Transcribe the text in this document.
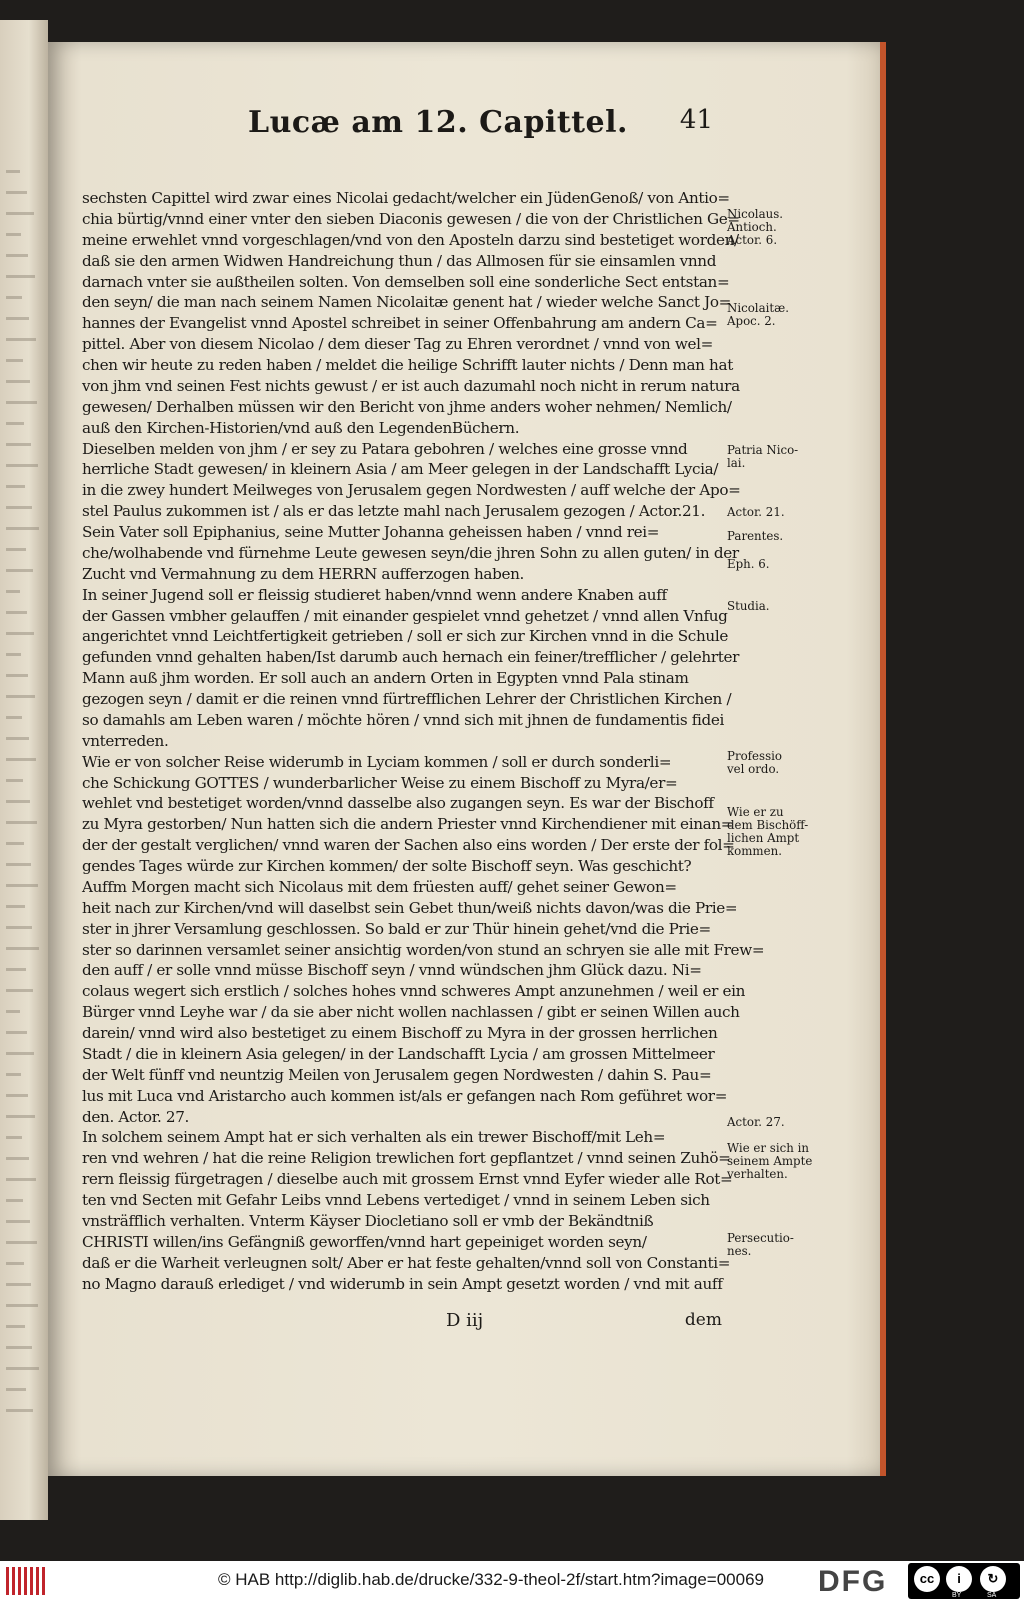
Lucæ am 12. Capittel. 41
sechsten Capittel wird zwar eines Nicolai gedacht/welcher ein JüdenGenoß/ von Antio=
chia bürtig/vnnd einer vnter den sieben Diaconis gewesen / die von der Christlichen Ge=
meine erwehlet vnnd vorgeschlagen/vnd von den Aposteln darzu sind bestetiget worden/
daß sie den armen Widwen Handreichung thun / das Allmosen für sie einsamlen vnnd
darnach vnter sie außtheilen solten. Von demselben soll eine sonderliche Sect entstan=
den seyn/ die man nach seinem Namen Nicolaitæ genent hat / wieder welche Sanct Jo=
hannes der Evangelist vnnd Apostel schreibet in seiner Offenbahrung am andern Ca=
pittel. Aber von diesem Nicolao / dem dieser Tag zu Ehren verordnet / vnnd von wel=
chen wir heute zu reden haben / meldet die heilige Schrifft lauter nichts / Denn man hat
von jhm vnd seinen Fest nichts gewust / er ist auch dazumahl noch nicht in rerum natura
gewesen/ Derhalben müssen wir den Bericht von jhme anders woher nehmen/ Nemlich/
auß den Kirchen-Historien/vnd auß den LegendenBüchern.
Dieselben melden von jhm / er sey zu Patara gebohren / welches eine grosse vnnd
herrliche Stadt gewesen/ in kleinern Asia / am Meer gelegen in der Landschafft Lycia/
in die zwey hundert Meilweges von Jerusalem gegen Nordwesten / auff welche der Apo=
stel Paulus zukommen ist / als er das letzte mahl nach Jerusalem gezogen / Actor.21.
Sein Vater soll Epiphanius, seine Mutter Johanna geheissen haben / vnnd rei=
che/wolhabende vnd fürnehme Leute gewesen seyn/die jhren Sohn zu allen guten/ in der
Zucht vnd Vermahnung zu dem HERRN aufferzogen haben.
In seiner Jugend soll er fleissig studieret haben/vnnd wenn andere Knaben auff
der Gassen vmbher gelauffen / mit einander gespielet vnnd gehetzet / vnnd allen Vnfug
angerichtet vnnd Leichtfertigkeit getrieben / soll er sich zur Kirchen vnnd in die Schule
gefunden vnnd gehalten haben/Ist darumb auch hernach ein feiner/trefflicher / gelehrter
Mann auß jhm worden. Er soll auch an andern Orten in Egypten vnnd Pala stinam
gezogen seyn / damit er die reinen vnnd fürtrefflichen Lehrer der Christlichen Kirchen /
so damahls am Leben waren / möchte hören / vnnd sich mit jhnen de fundamentis fidei
vnterreden.
Wie er von solcher Reise widerumb in Lyciam kommen / soll er durch sonderli=
che Schickung GOTTES / wunderbarlicher Weise zu einem Bischoff zu Myra/er=
wehlet vnd bestetiget worden/vnnd dasselbe also zugangen seyn. Es war der Bischoff
zu Myra gestorben/ Nun hatten sich die andern Priester vnnd Kirchendiener mit einan=
der der gestalt verglichen/ vnnd waren der Sachen also eins worden / Der erste der fol=
gendes Tages würde zur Kirchen kommen/ der solte Bischoff seyn. Was geschicht?
Auffm Morgen macht sich Nicolaus mit dem früesten auff/ gehet seiner Gewon=
heit nach zur Kirchen/vnd will daselbst sein Gebet thun/weiß nichts davon/was die Prie=
ster in jhrer Versamlung geschlossen. So bald er zur Thür hinein gehet/vnd die Prie=
ster so darinnen versamlet seiner ansichtig worden/von stund an schryen sie alle mit Frew=
den auff / er solle vnnd müsse Bischoff seyn / vnnd wündschen jhm Glück dazu. Ni=
colaus wegert sich erstlich / solches hohes vnnd schweres Ampt anzunehmen / weil er ein
Bürger vnnd Leyhe war / da sie aber nicht wollen nachlassen / gibt er seinen Willen auch
darein/ vnnd wird also bestetiget zu einem Bischoff zu Myra in der grossen herrlichen
Stadt / die in kleinern Asia gelegen/ in der Landschafft Lycia / am grossen Mittelmeer
der Welt fünff vnd neuntzig Meilen von Jerusalem gegen Nordwesten / dahin S. Pau=
lus mit Luca vnd Aristarcho auch kommen ist/als er gefangen nach Rom geführet wor=
den. Actor. 27.
In solchem seinem Ampt hat er sich verhalten als ein trewer Bischoff/mit Leh=
ren vnd wehren / hat die reine Religion trewlichen fort gepflantzet / vnnd seinen Zuhö=
rern fleissig fürgetragen / dieselbe auch mit grossem Ernst vnnd Eyfer wieder alle Rot=
ten vnd Secten mit Gefahr Leibs vnnd Lebens vertediget / vnnd in seinem Leben sich
vnsträfflich verhalten. Vnterm Käyser Diocletiano soll er vmb der Bekändtniß
CHRISTI willen/ins Gefängniß geworffen/vnnd hart gepeiniget worden seyn/
daß er die Warheit verleugnen solt/ Aber er hat feste gehalten/vnnd soll von Constanti=
no Magno darauß erlediget / vnd widerumb in sein Ampt gesetzt worden / vnd mit auff
Nicolaus.
Antioch.
Actor. 6.
Nicolaitæ.
Apoc. 2.
Patria Nico-
lai.
Actor. 21.
Parentes.
Eph. 6.
Studia.
Professio
vel ordo.
Wie er zu
dem Bischöff-
lichen Ampt
kommen.
Actor. 27.
Wie er sich in
seinem Ampte
verhalten.
Persecutio-
nes.
D iij	dem
© HAB http://diglib.hab.de/drucke/332-9-theol-2f/start.htm?image=00069 DFG	cc	i	↻
BY	SA
